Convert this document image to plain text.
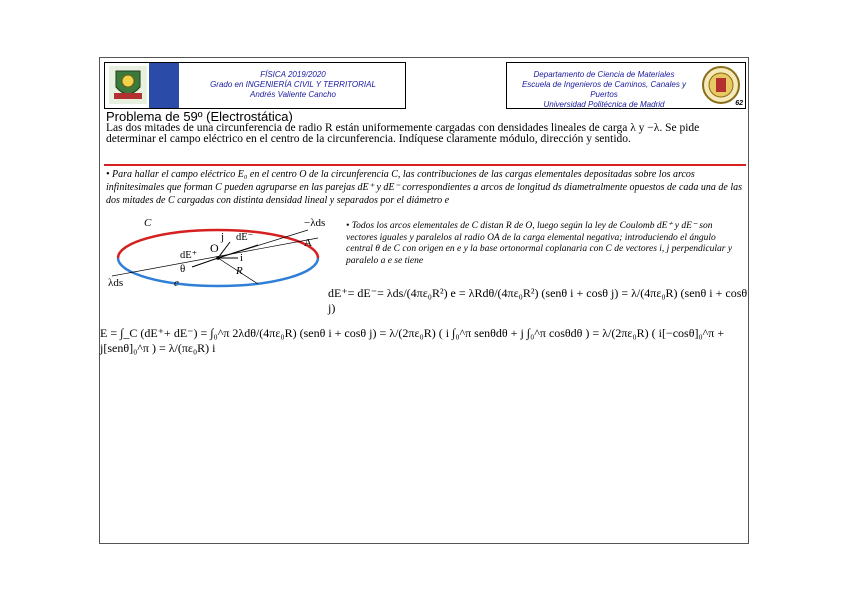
FÍSICA 2019/2020
Grado en INGENIERÍA CIVIL Y TERRITORIAL
Andrés Valiente Cancho
Departamento de Ciencia de Materiales
Escuela de Ingenieros de Caminos, Canales y Puertos
Universidad Politécnica de Madrid	62
Problema de 59º (Electrostática)
Las dos mitades de una circunferencia de radio R están uniformemente cargadas con densidades lineales de carga λ y −λ. Se pide determinar el campo eléctrico en el centro de la circunferencia. Indíquese claramente módulo, dirección y sentido.
• Para hallar el campo eléctrico E₀ en el centro O de la circunferencia C, las contribuciones de las cargas elementales depositadas sobre los arcos infinitesimales que forman C pueden agruparse en las parejas dE⁺ y dE⁻ correspondientes a arcos de longitud ds diametralmente opuestos de cada una de las dos mitades de C cargadas con distinta densidad lineal y separados por el diámetro e
C	−λds
λds
A
O
R
θ
e
i
j
dE⁺
dE⁻
• Todos los arcos elementales de C distan R de O, luego según la ley de Coulomb dE⁺ y dE⁻ son vectores iguales y paralelos al radio OA de la carga elemental negativa; introduciendo el ángulo central θ de C con origen en e y la base ortonormal coplanaria con C de vectores i, j perpendicular y paralelo a e se tiene
dE⁺= dE⁻= λds/(4πε₀R²) e = λRdθ/(4πε₀R²) (senθ i + cosθ j) = λ/(4πε₀R) (senθ i + cosθ j)
E = ∫_C (dE⁺+ dE⁻) = ∫₀^π 2λdθ/(4πε₀R) (senθ i + cosθ j) = λ/(2πε₀R) ( i ∫₀^π senθdθ + j ∫₀^π cosθdθ ) = λ/(2πε₀R) ( i[−cosθ]₀^π + j[senθ]₀^π ) = λ/(πε₀R) i
